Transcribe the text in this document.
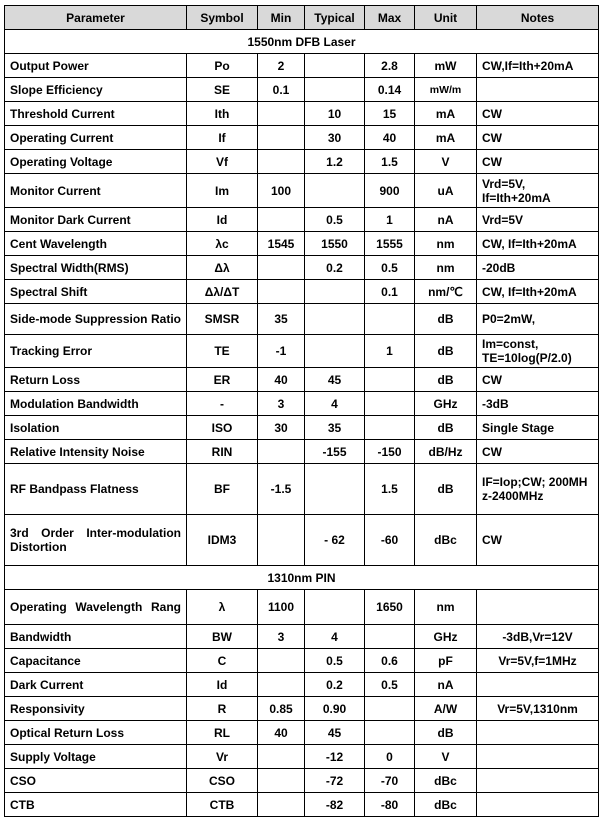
Parameter	Symbol	Min	Typical	Max	Unit	Notes
1550nm DFB Laser						
Output Power	Po	2		2.8	mW	CW,If=Ith+20mA
Slope Efficiency	SE	0.1		0.14	mW/m	
Threshold Current	Ith		10	15	mA	CW
Operating Current	If		30	40	mA	CW
Operating Voltage	Vf		1.2	1.5	V	CW
Monitor Current	Im	100		900	uA	Vrd=5V, If=Ith+20mA
Monitor Dark Current	Id		0.5	1	nA	Vrd=5V
Cent Wavelength	λc	1545	1550	1555	nm	CW, If=Ith+20mA
Spectral Width(RMS)	Δλ		0.2	0.5	nm	-20dB
Spectral Shift	Δλ/ΔT			0.1	nm/℃	CW, If=Ith+20mA
Side-mode Suppression Ratio	SMSR	35			dB	P0=2mW,
Tracking Error	TE	-1		1	dB	Im=const, TE=10log(P/2.0)
Return Loss	ER	40	45		dB	CW
Modulation Bandwidth	-	3	4		GHz	-3dB
Isolation	ISO	30	35		dB	Single Stage
Relative Intensity Noise	RIN		-155	-150	dB/Hz	CW
RF Bandpass Flatness	BF	-1.5		1.5	dB	IF=Iop;CW; 200MHz-2400MHz
3rd Order Inter-modulation Distortion	IDM3		- 62	-60	dBc	CW
1310nm PIN						
Operating Wavelength Rang	λ	1100		1650	nm	
Bandwidth	BW	3	4		GHz	-3dB,Vr=12V
Capacitance	C		0.5	0.6	pF	Vr=5V,f=1MHz
Dark Current	Id		0.2	0.5	nA	
Responsivity	R	0.85	0.90		A/W	Vr=5V,1310nm
Optical Return Loss	RL	40	45		dB	
Supply Voltage	Vr		-12	0	V	
CSO	CSO		-72	-70	dBc	
CTB	CTB		-82	-80	dBc	
